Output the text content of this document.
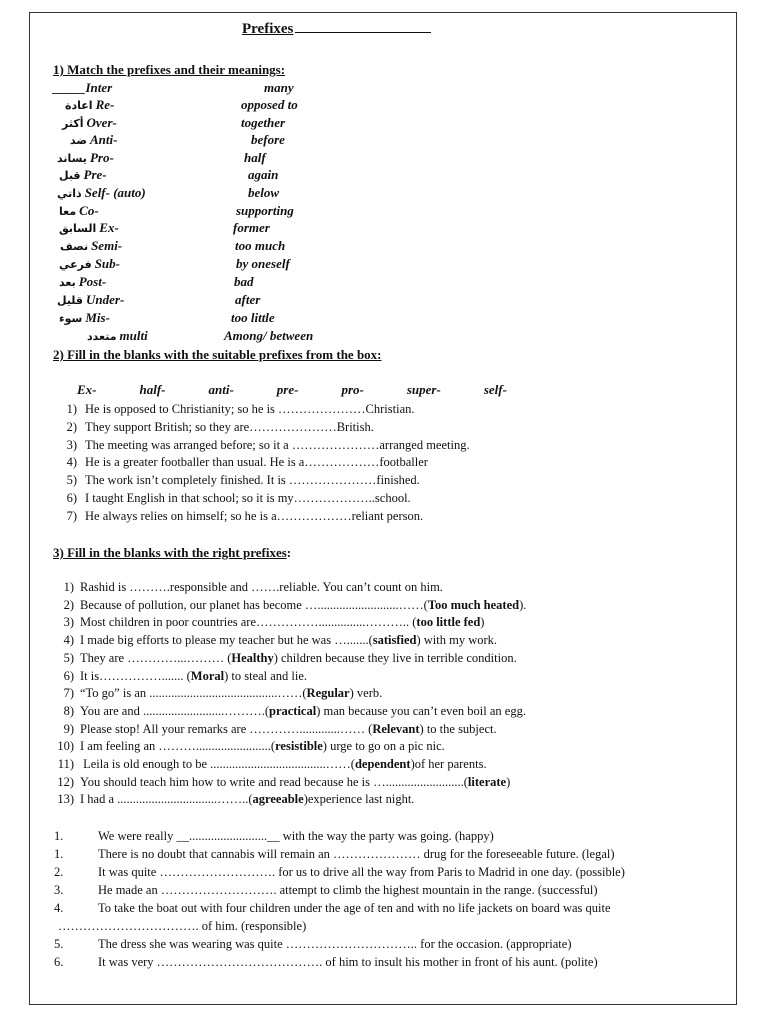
Prefixes
1) Match the prefixes and their meanings:
_____Inter	many
اعادة Re-	opposed to
أكثر Over-	together
ضد Anti-	before
يساند Pro-	half
قبل Pre-	again
ذاتي Self- (auto)	below
معا Co-	supporting
السابق Ex-	former
نصف Semi-	too much
فرعي Sub-	by oneself
بعد Post-	bad
قليل Under-	after
سوء Mis-	too little
متعدد multi	Among/ between
2) Fill in the blanks with the suitable prefixes from the box:
Ex-	half-	anti-	pre-	pro-	super-	self-
1) He is opposed to Christianity; so he is …………………Christian.
2) They support British; so they are…………………British.
3) The meeting was arranged before; so it a …………………arranged meeting.
4) He is a greater footballer than usual. He is a………………footballer
5) The work isn’t completely finished. It is …………………finished.
6) I taught English in that school; so it is my………………..school.
7) He always relies on himself; so he is a………………reliant person.
3) Fill in the blanks with the right prefixes:
1) Rashid is ……….responsible and …….reliable. You can’t count on him.
2) Because of pollution, our planet has become …..........................……(Too much heated).
3) Most children in poor countries are……………...............……….. (too little fed)
4) I made big efforts to please my teacher but he was ….......(satisfied) with my work.
5) They are …………...……… (Healthy) children because they live in terrible condition.
6) It is……………....... (Moral) to steal and lie.
7) “To go” is an .........................................……(Regular) verb.
8) You are and ..........................……….(practical) man because you can’t even boil an egg.
9) Please stop! All your remarks are ………….............…… (Relevant) to the subject.
10) I am feeling an ………........................(resistible) urge to go on a pic nic.
11) Leila is old enough to be .....................................……(dependent)of her parents.
12) You should teach him how to write and read because he is ….........................(literate)
13) I had a ................................……..(agreeable)experience last night.
1.	We were really __.........................__ with the way the party was going. (happy)
1.	There is no doubt that cannabis will remain an ………………… drug for the foreseeable future. (legal)
2.	It was quite ………………………. for us to drive all the way from Paris to Madrid in one day. (possible)
3.	He made an ………………………. attempt to climb the highest mountain in the range. (successful)
4.	To take the boat out with four children under the age of ten and with no life jackets on board was quite
……………………………. of him. (responsible)
5.	The dress she was wearing was quite ………………………….. for the occasion. (appropriate)
6.	It was very …………………………………. of him to insult his mother in front of his aunt. (polite)
